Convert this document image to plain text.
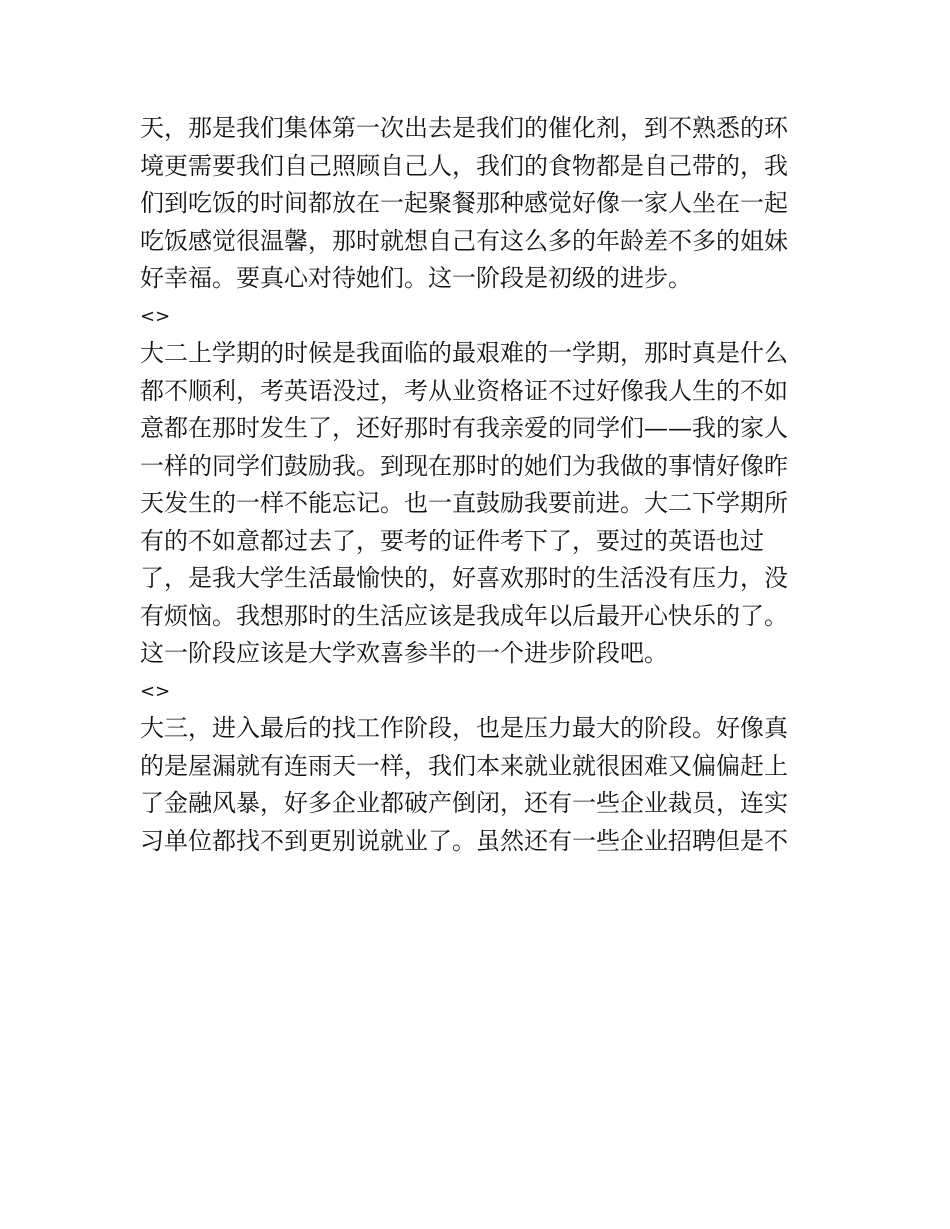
天，那是我们集体第一次出去是我们的催化剂，到不熟悉的环
境更需要我们自己照顾自己人，我们的食物都是自己带的，我
们到吃饭的时间都放在一起聚餐那种感觉好像一家人坐在一起
吃饭感觉很温馨，那时就想自己有这么多的年龄差不多的姐妹
好幸福。要真心对待她们。这一阶段是初级的进步。
<>
大二上学期的时候是我面临的最艰难的一学期，那时真是什么
都不顺利，考英语没过，考从业资格证不过好像我人生的不如
意都在那时发生了，还好那时有我亲爱的同学们——我的家人
一样的同学们鼓励我。到现在那时的她们为我做的事情好像昨
天发生的一样不能忘记。也一直鼓励我要前进。大二下学期所
有的不如意都过去了，要考的证件考下了，要过的英语也过
了，是我大学生活最愉快的，好喜欢那时的生活没有压力，没
有烦恼。我想那时的生活应该是我成年以后最开心快乐的了。
这一阶段应该是大学欢喜参半的一个进步阶段吧。
<>
大三，进入最后的找工作阶段，也是压力最大的阶段。好像真
的是屋漏就有连雨天一样，我们本来就业就很困难又偏偏赶上
了金融风暴，好多企业都破产倒闭，还有一些企业裁员，连实
习单位都找不到更别说就业了。虽然还有一些企业招聘但是不
